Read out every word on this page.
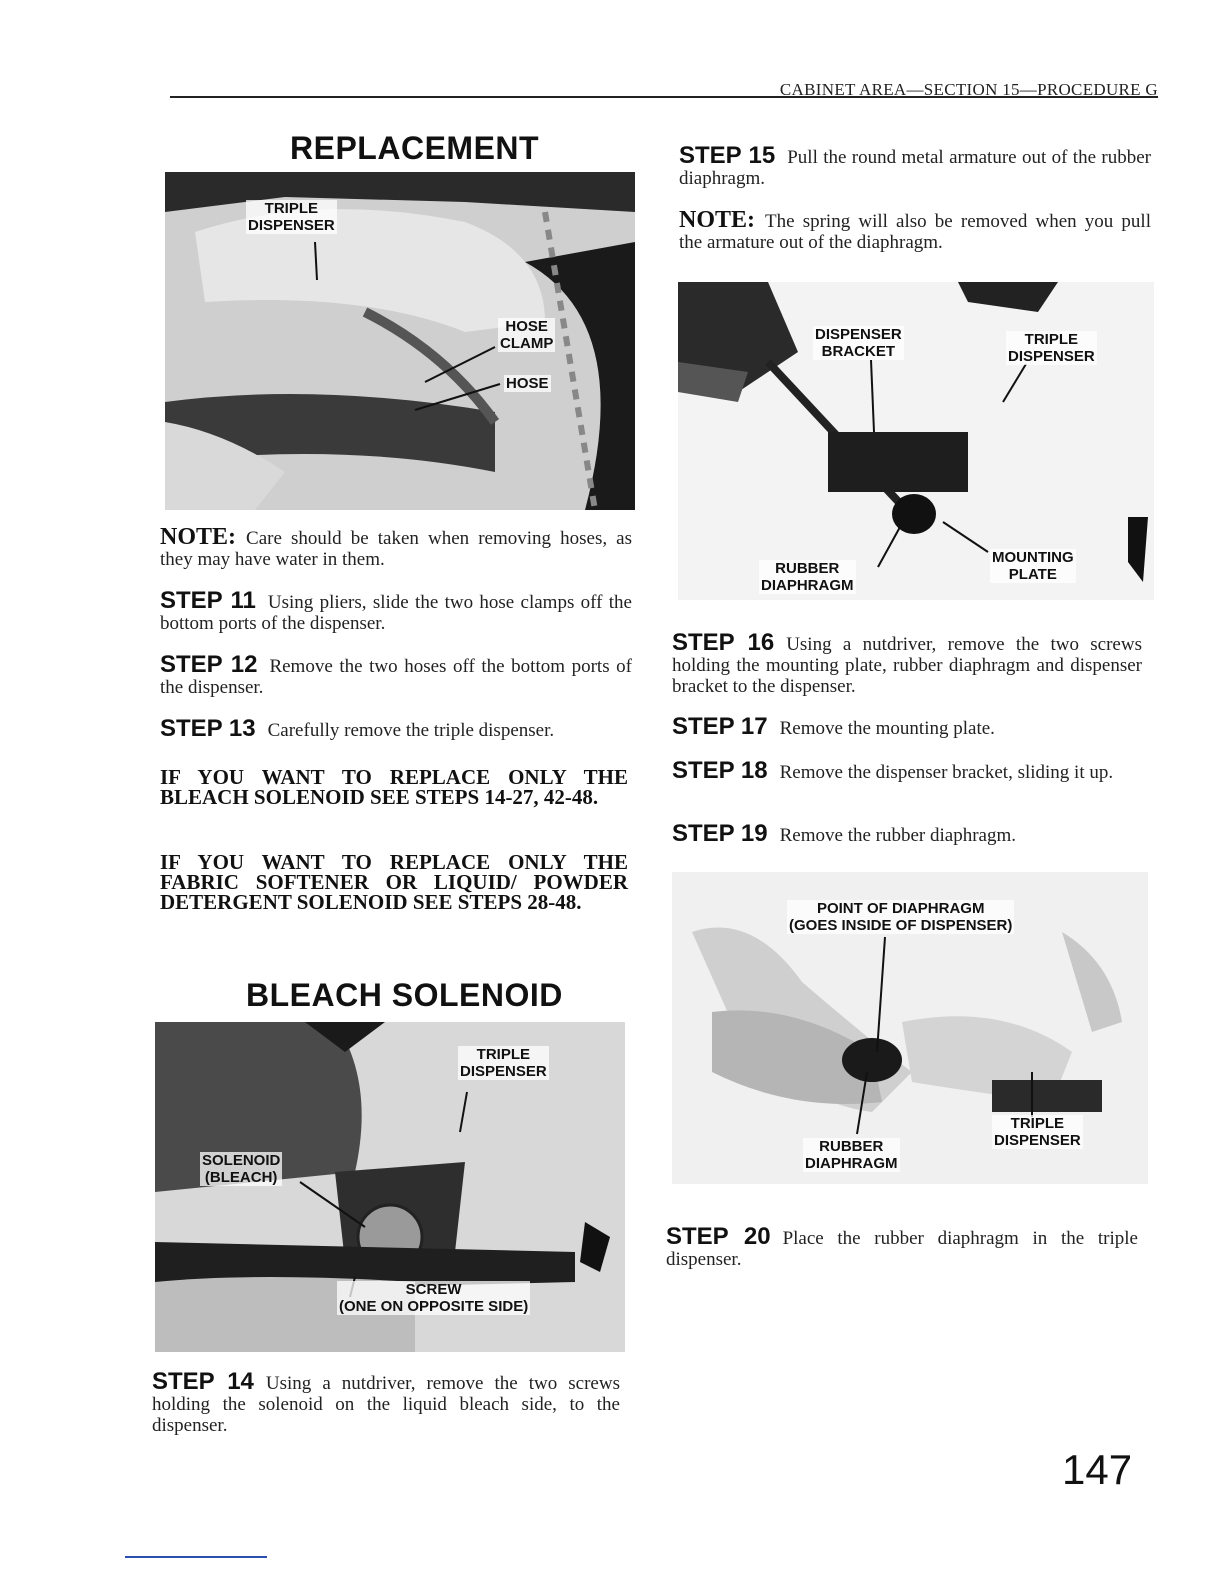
CABINET AREA—SECTION 15—PROCEDURE G
REPLACEMENT
TRIPLE
DISPENSER
HOSE
CLAMP
HOSE
NOTE: Care should be taken when removing hoses, as they may have water in them.
STEP 11 Using pliers, slide the two hose clamps off the bottom ports of the dispenser.
STEP 12 Remove the two hoses off the bottom ports of the dispenser.
STEP 13 Carefully remove the triple dispenser.
IF YOU WANT TO REPLACE ONLY THE BLEACH SOLENOID SEE STEPS 14-27, 42-48.
IF YOU WANT TO REPLACE ONLY THE FABRIC SOFTENER OR LIQUID/ POWDER DETERGENT SOLENOID SEE STEPS 28-48.
BLEACH SOLENOID
TRIPLE
DISPENSER
SOLENOID
(BLEACH)
SCREW
(ONE ON OPPOSITE SIDE)
STEP 14 Using a nutdriver, remove the two screws holding the solenoid on the liquid bleach side, to the dispenser.
STEP 15 Pull the round metal armature out of the rubber diaphragm.
NOTE: The spring will also be removed when you pull the armature out of the diaphragm.
DISPENSER
BRACKET
TRIPLE
DISPENSER
RUBBER
DIAPHRAGM
MOUNTING
PLATE
STEP 16 Using a nutdriver, remove the two screws holding the mounting plate, rubber diaphragm and dispenser bracket to the dispenser.
STEP 17 Remove the mounting plate.
STEP 18 Remove the dispenser bracket, sliding it up.
STEP 19 Remove the rubber diaphragm.
POINT OF DIAPHRAGM
(GOES INSIDE OF DISPENSER)
RUBBER
DIAPHRAGM
TRIPLE
DISPENSER
STEP 20 Place the rubber diaphragm in the triple dispenser.
147
